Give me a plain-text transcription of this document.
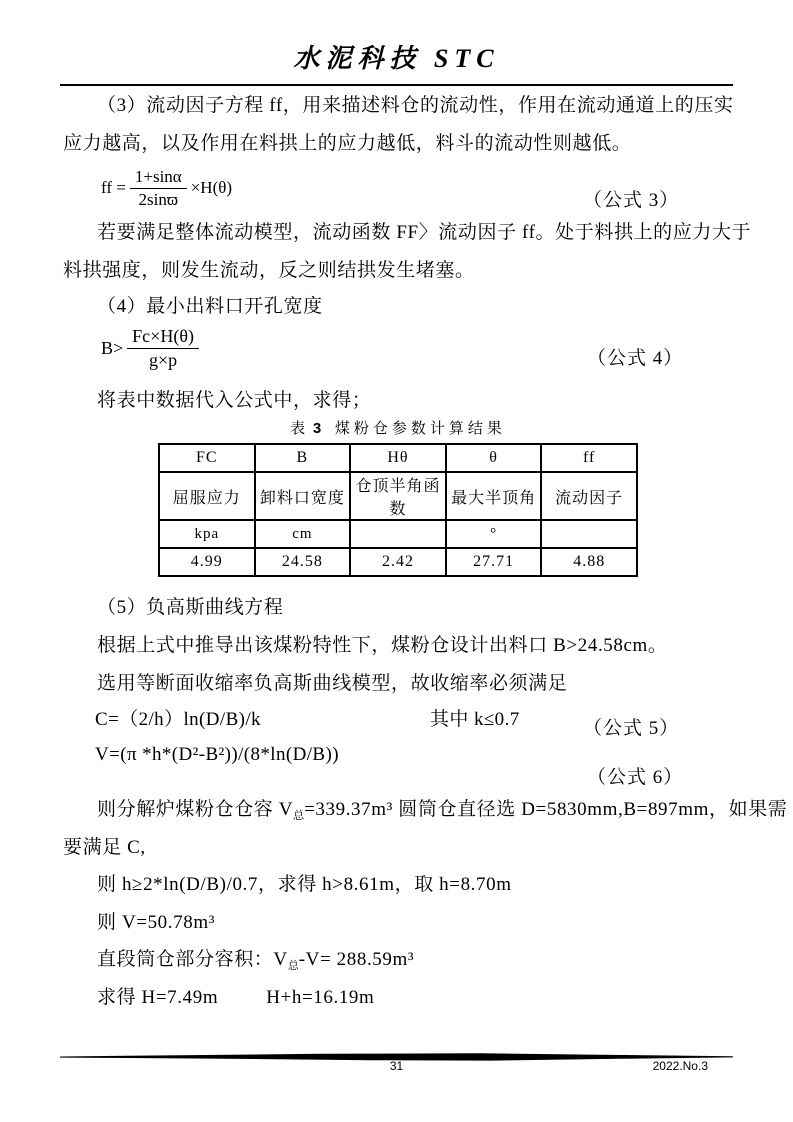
水泥科技 STC
（3）流动因子方程 ff，用来描述料仓的流动性，作用在流动通道上的压实
应力越高，以及作用在料拱上的应力越低，料斗的流动性则越低。
ff = $\frac{1+\sin\alpha}{2\sin ϖ} \times H(\theta)$
（公式 3）
若要满足整体流动模型，流动函数 FF〉流动因子 ff。处于料拱上的应力大于
料拱强度，则发生流动，反之则结拱发生堵塞。
（4）最小出料口开孔宽度
$B> \frac{Fc\times H(\theta)}{g\times p}$	（公式 4）
将表中数据代入公式中，求得；
表 3 煤粉仓参数计算结果
FC	B	Hθ	θ	ff
屈服应力	卸料口宽度	仓顶半角函数	最大半顶角	流动因子
kpa	cm		°	
4.99	24.58	2.42	27.71	4.88
（5）负高斯曲线方程
根据上式中推导出该煤粉特性下，煤粉仓设计出料口 B>24.58cm。
选用等断面收缩率负高斯曲线模型，故收缩率必须满足
C=（2/h）ln(D/B)/k	其中 k≤0.7	（公式 5）
V=(π *h*(D²-B²))/(8*ln(D/B))
（公式 6）
则分解炉煤粉仓仓容 $V_总=339.37m^3$ 圆筒仓直径选 D=5830mm,B=897mm，如果需
要满足 C,
则 h≥2*ln(D/B)/0.7，求得 h>8.61m，取 h=8.70m
则 V=50.78m³
直段筒仓部分容积：$V_总-V= 288.59m^3$
求得 H=7.49m	H+h=16.19m
31	2022.No.3
